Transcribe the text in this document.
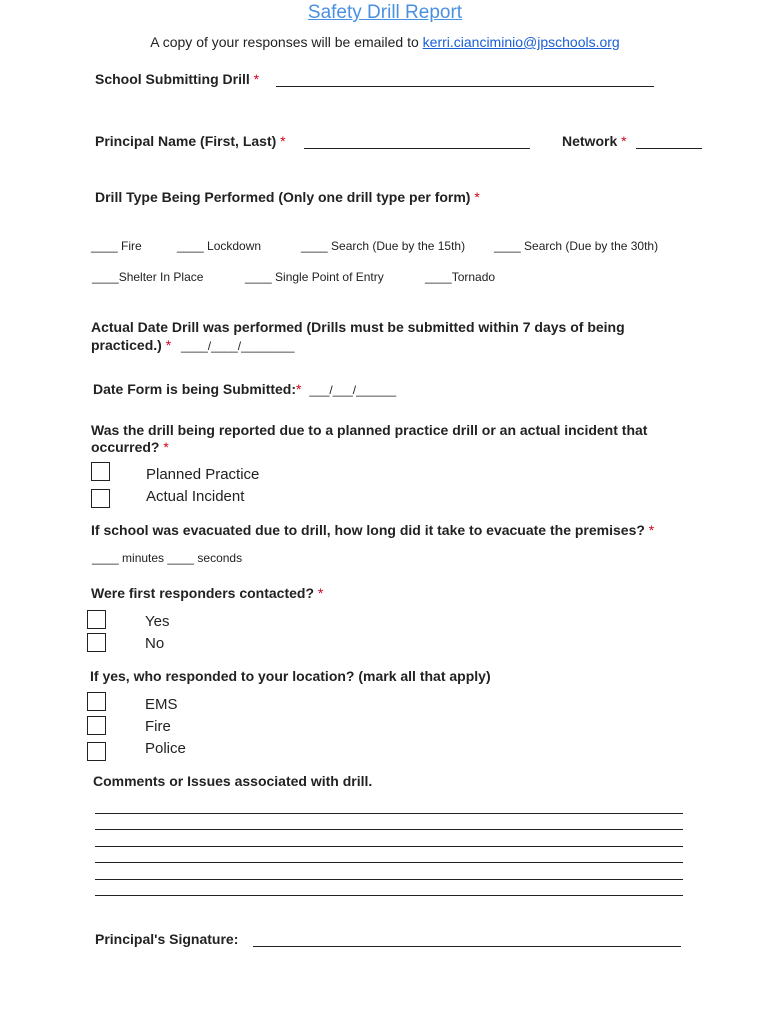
Safety Drill Report
A copy of your responses will be emailed to kerri.cianciminio@jpschools.org
School Submitting Drill *
Principal Name (First, Last) *	Network *
Drill Type Being Performed (Only one drill type per form) *
____ Fire	____ Lockdown	____ Search (Due by the 15th) ____ Search (Due by the 30th)
____Shelter In Place	____ Single Point of Entry	____Tornado
Actual Date Drill was performed (Drills must be submitted within 7 days of being
practiced.) * ____/____/________
Date Form is being Submitted:* ___/___/______
Was the drill being reported due to a planned practice drill or an actual incident that
occurred? *
Planned Practice
Actual Incident
If school was evacuated due to drill, how long did it take to evacuate the premises? *
____ minutes ____ seconds
Were first responders contacted? *
Yes
No
If yes, who responded to your location? (mark all that apply)
EMS
Fire
Police
Comments or Issues associated with drill.
Principal's Signature:
